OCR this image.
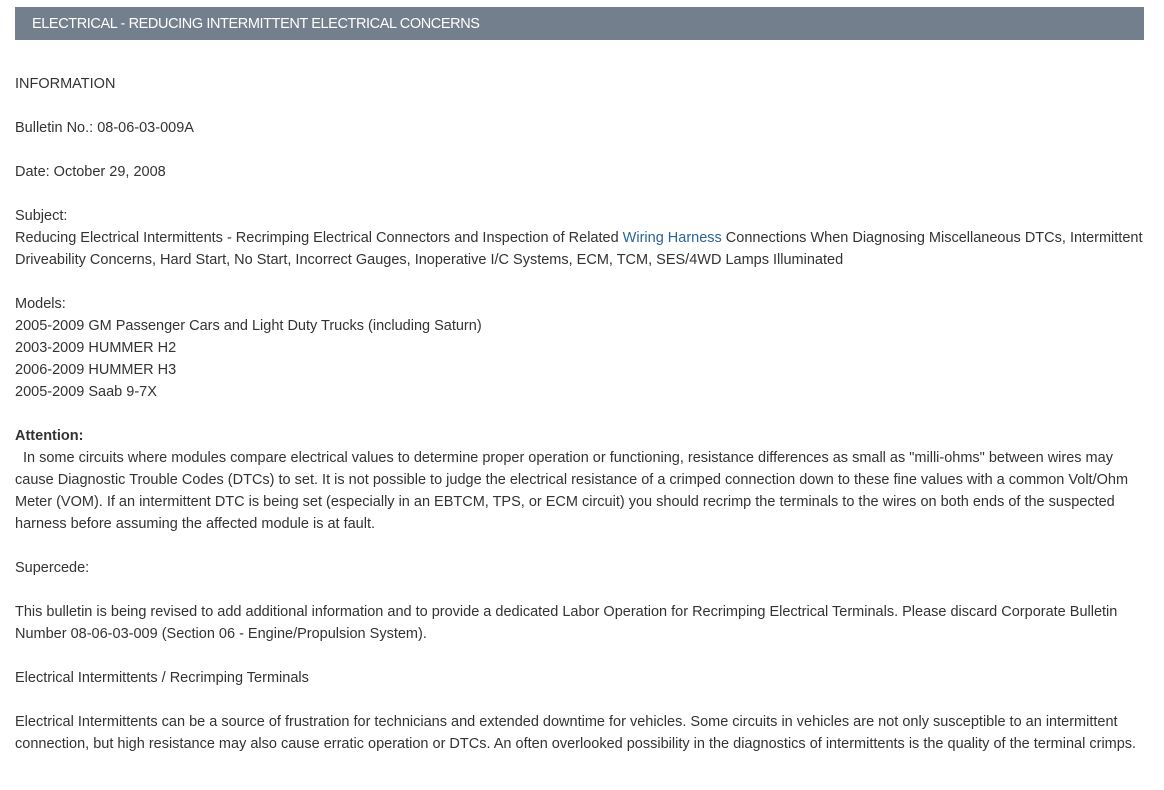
ELECTRICAL - REDUCING INTERMITTENT ELECTRICAL CONCERNS
INFORMATION
Bulletin No.: 08-06-03-009A
Date: October 29, 2008
Subject:
Reducing Electrical Intermittents - Recrimping Electrical Connectors and Inspection of Related Wiring Harness Connections When Diagnosing Miscellaneous DTCs, Intermittent Driveability Concerns, Hard Start, No Start, Incorrect Gauges, Inoperative I/C Systems, ECM, TCM, SES/4WD Lamps Illuminated
Models:
2005-2009 GM Passenger Cars and Light Duty Trucks (including Saturn)
2003-2009 HUMMER H2
2006-2009 HUMMER H3
2005-2009 Saab 9-7X
Attention:
In some circuits where modules compare electrical values to determine proper operation or functioning, resistance differences as small as "milli-ohms" between wires may cause Diagnostic Trouble Codes (DTCs) to set. It is not possible to judge the electrical resistance of a crimped connection down to these fine values with a common Volt/Ohm Meter (VOM). If an intermittent DTC is being set (especially in an EBTCM, TPS, or ECM circuit) you should recrimp the terminals to the wires on both ends of the suspected harness before assuming the affected module is at fault.
Supercede:
This bulletin is being revised to add additional information and to provide a dedicated Labor Operation for Recrimping Electrical Terminals. Please discard Corporate Bulletin Number 08-06-03-009 (Section 06 - Engine/Propulsion System).
Electrical Intermittents / Recrimping Terminals
Electrical Intermittents can be a source of frustration for technicians and extended downtime for vehicles. Some circuits in vehicles are not only susceptible to an intermittent connection, but high resistance may also cause erratic operation or DTCs. An often overlooked possibility in the diagnostics of intermittents is the quality of the terminal crimps.
